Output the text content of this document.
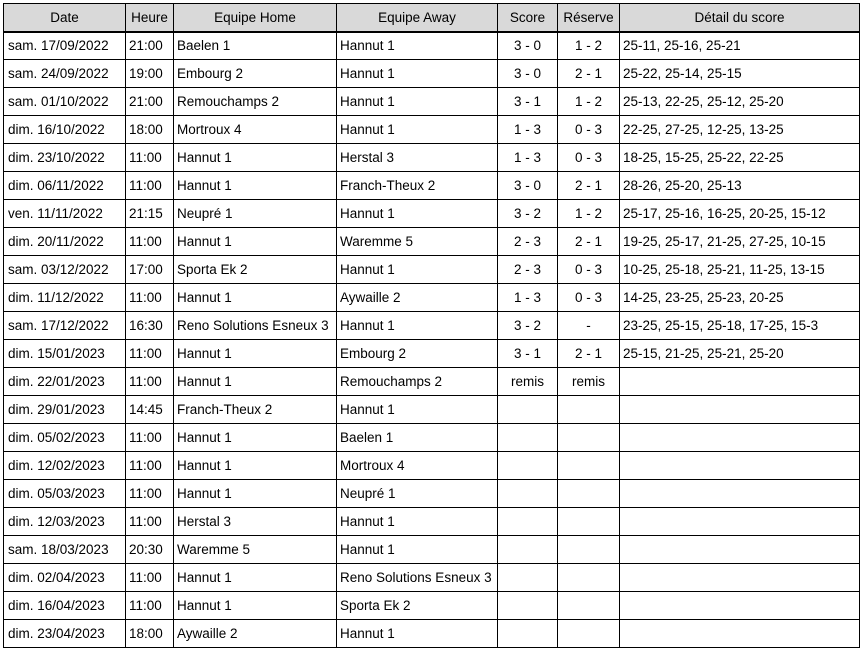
Date	Heure	Equipe Home	Equipe Away	Score	Réserve	Détail du score
sam. 17/09/2022	21:00	Baelen 1	Hannut 1	3 - 0	1 - 2	25-11, 25-16, 25-21
sam. 24/09/2022	19:00	Embourg 2	Hannut 1	3 - 0	2 - 1	25-22, 25-14, 25-15
sam. 01/10/2022	21:00	Remouchamps 2	Hannut 1	3 - 1	1 - 2	25-13, 22-25, 25-12, 25-20
dim. 16/10/2022	18:00	Mortroux 4	Hannut 1	1 - 3	0 - 3	22-25, 27-25, 12-25, 13-25
dim. 23/10/2022	11:00	Hannut 1	Herstal 3	1 - 3	0 - 3	18-25, 15-25, 25-22, 22-25
dim. 06/11/2022	11:00	Hannut 1	Franch-Theux 2	3 - 0	2 - 1	28-26, 25-20, 25-13
ven. 11/11/2022	21:15	Neupré 1	Hannut 1	3 - 2	1 - 2	25-17, 25-16, 16-25, 20-25, 15-12
dim. 20/11/2022	11:00	Hannut 1	Waremme 5	2 - 3	2 - 1	19-25, 25-17, 21-25, 27-25, 10-15
sam. 03/12/2022	17:00	Sporta Ek 2	Hannut 1	2 - 3	0 - 3	10-25, 25-18, 25-21, 11-25, 13-15
dim. 11/12/2022	11:00	Hannut 1	Aywaille 2	1 - 3	0 - 3	14-25, 23-25, 25-23, 20-25
sam. 17/12/2022	16:30	Reno Solutions Esneux 3	Hannut 1	3 - 2	-	23-25, 25-15, 25-18, 17-25, 15-3
dim. 15/01/2023	11:00	Hannut 1	Embourg 2	3 - 1	2 - 1	25-15, 21-25, 25-21, 25-20
dim. 22/01/2023	11:00	Hannut 1	Remouchamps 2	remis	remis	
dim. 29/01/2023	14:45	Franch-Theux 2	Hannut 1			
dim. 05/02/2023	11:00	Hannut 1	Baelen 1			
dim. 12/02/2023	11:00	Hannut 1	Mortroux 4			
dim. 05/03/2023	11:00	Hannut 1	Neupré 1			
dim. 12/03/2023	11:00	Herstal 3	Hannut 1			
sam. 18/03/2023	20:30	Waremme 5	Hannut 1			
dim. 02/04/2023	11:00	Hannut 1	Reno Solutions Esneux 3			
dim. 16/04/2023	11:00	Hannut 1	Sporta Ek 2			
dim. 23/04/2023	18:00	Aywaille 2	Hannut 1			
